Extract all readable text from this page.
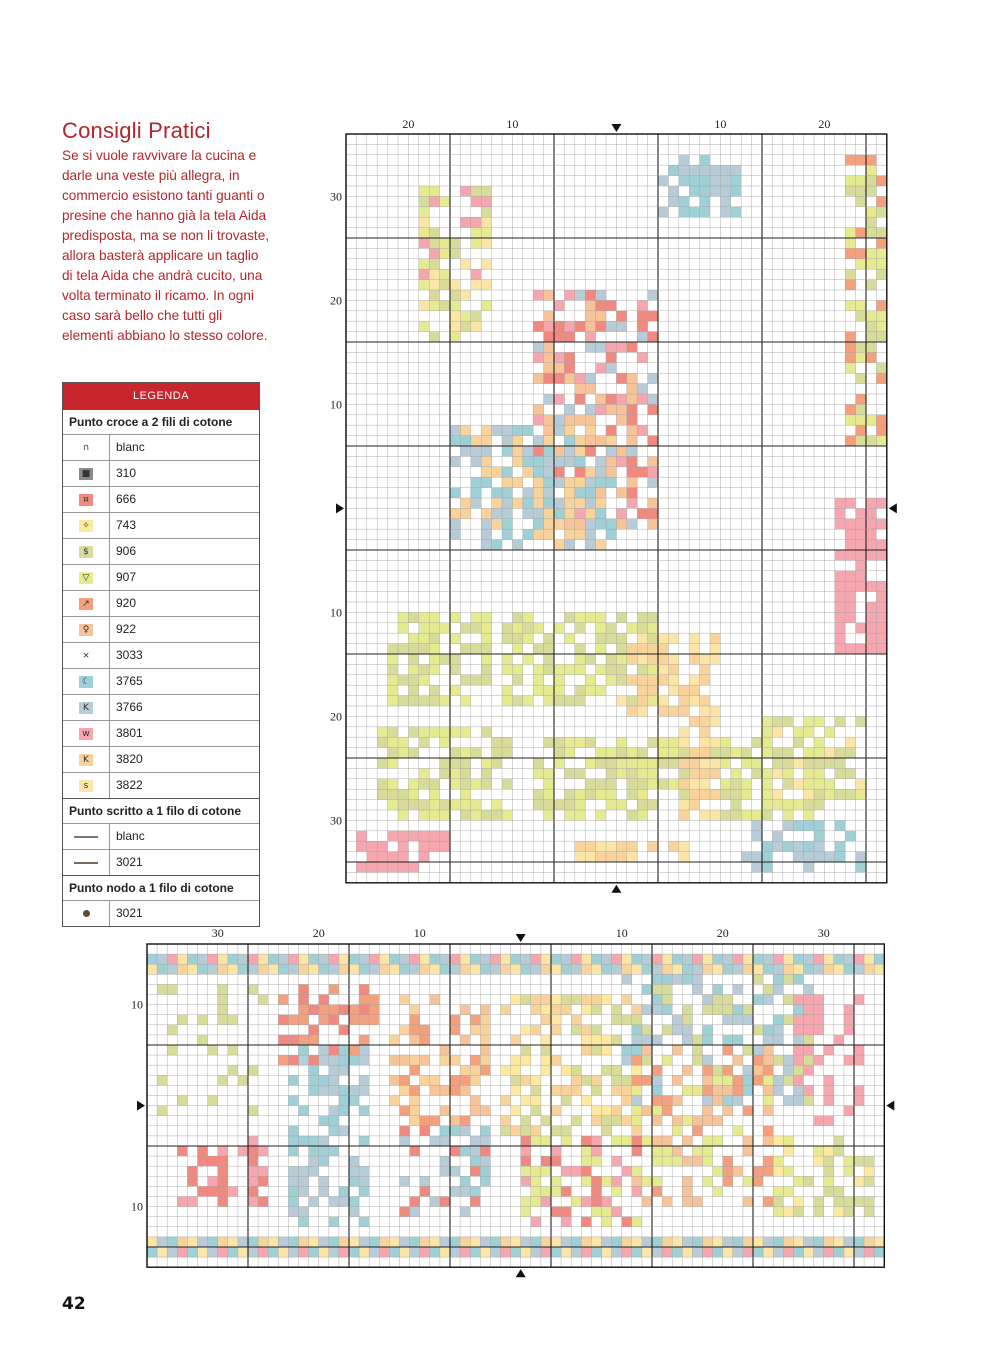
Consigli Pratici

Se si vuole ravvivare la cucina e darle una veste più allegra, in commercio esistono tanti guanti o presine che hanno già la tela Aida predisposta, ma se non li trovaste, allora basterà applicare un taglio di tela Aida che andrà cucito, una volta terminato il ricamo. In ogni caso sarà bello che tutti gli elementi abbiano lo stesso colore.

LEGENDA
Punto croce a 2 fili di cotone
∩	blanc
■	310
¤	666
✧	743
$	906
▽	907
↗	920
♀	922
×	3033
☾	3765
K	3766
w	3801
K	3820
s	3822
Punto scritto a 1 filo di cotone
blanc
3021
Punto nodo a 1 filo di cotone
3021
20	10	10	20
30
20
10
10
20
30
30	20	10	10	20	30
10
10
42
